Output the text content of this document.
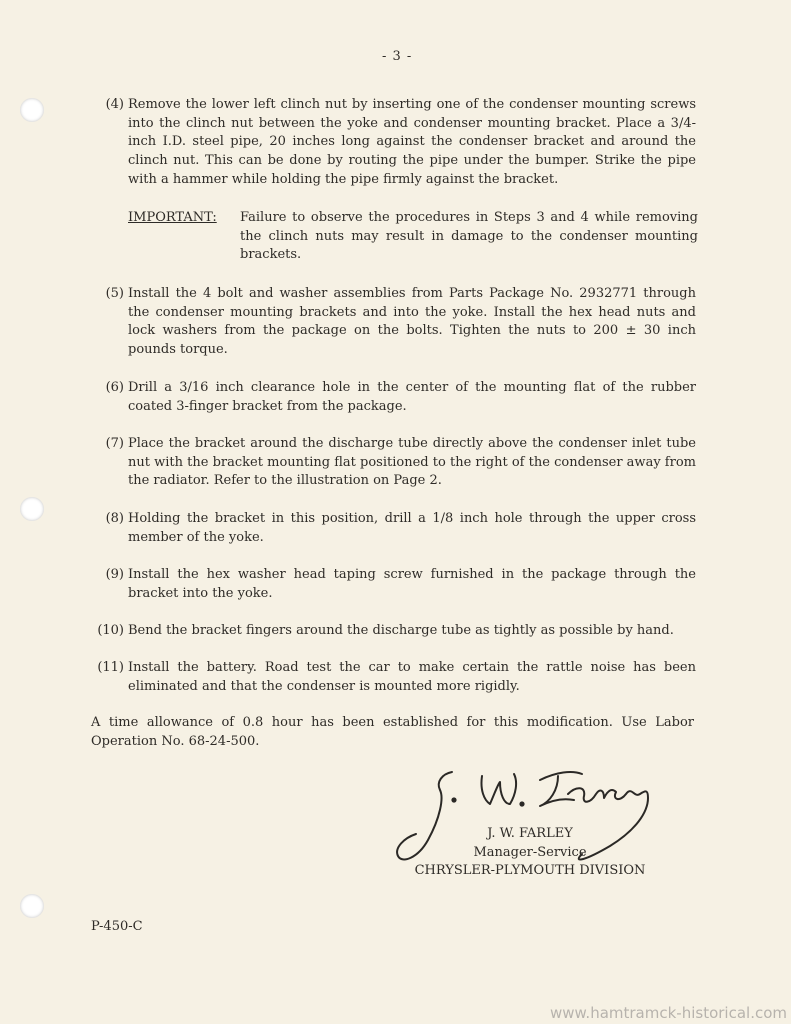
- 3 -
(4) Remove the lower left clinch nut by inserting one of the condenser mounting screws into the clinch nut between the yoke and condenser mounting bracket. Place a 3/4-inch I.D. steel pipe, 20 inches long against the condenser bracket and around the clinch nut. This can be done by routing the pipe under the bumper. Strike the pipe with a hammer while holding the pipe firmly against the bracket.
IMPORTANT: Failure to observe the procedures in Steps 3 and 4 while removing the clinch nuts may result in damage to the condenser mounting brackets.
(5) Install the 4 bolt and washer assemblies from Parts Package No. 2932771 through the condenser mounting brackets and into the yoke. Install the hex head nuts and lock washers from the package on the bolts. Tighten the nuts to 200 ± 30 inch pounds torque.
(6) Drill a 3/16 inch clearance hole in the center of the mounting flat of the rubber coated 3-finger bracket from the package.
(7) Place the bracket around the discharge tube directly above the condenser inlet tube nut with the bracket mounting flat positioned to the right of the condenser away from the radiator. Refer to the illustration on Page 2.
(8) Holding the bracket in this position, drill a 1/8 inch hole through the upper cross member of the yoke.
(9) Install the hex washer head taping screw furnished in the package through the bracket into the yoke.
(10) Bend the bracket fingers around the discharge tube as tightly as possible by hand.
(11) Install the battery. Road test the car to make certain the rattle noise has been eliminated and that the condenser is mounted more rigidly.
A time allowance of 0.8 hour has been established for this modification. Use Labor Operation No. 68-24-500.
J. W. FARLEY
Manager-Service
CHRYSLER-PLYMOUTH DIVISION
P-450-C
www.hamtramck-historical.com
